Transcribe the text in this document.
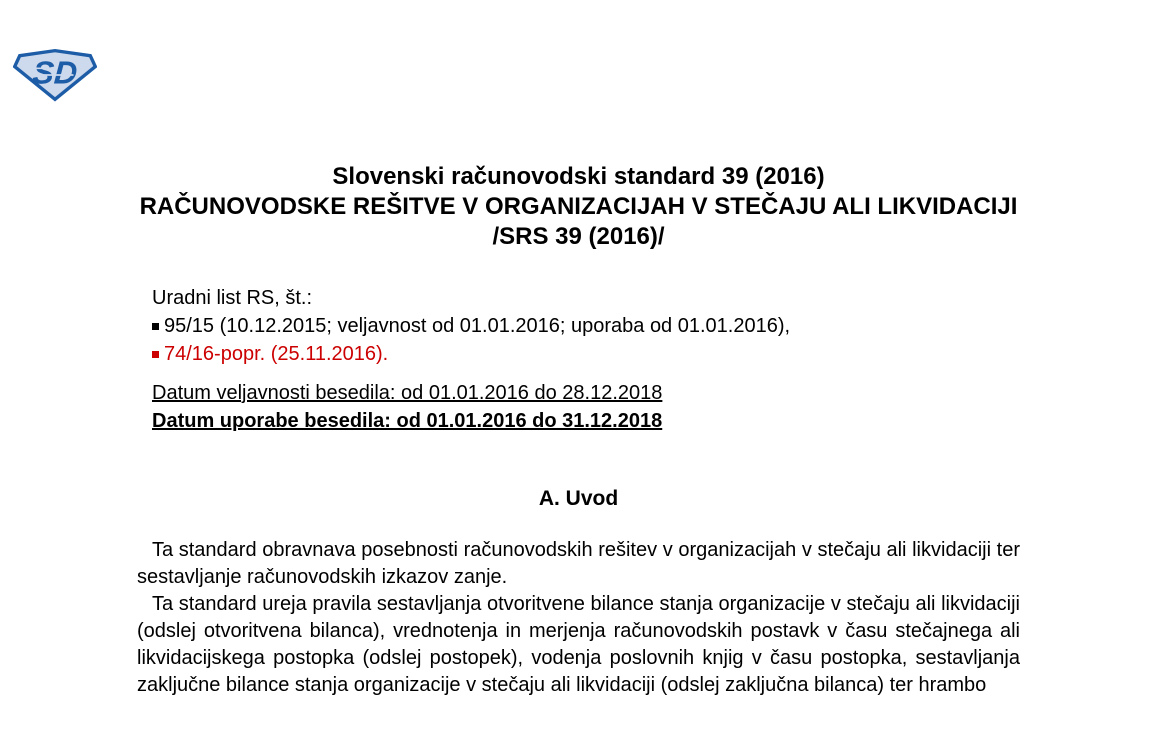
SD
Slovenski računovodski standard 39 (2016)
RAČUNOVODSKE REŠITVE V ORGANIZACIJAH V STEČAJU ALI LIKVIDACIJI
/SRS 39 (2016)/
Uradni list RS, št.:
95/15 (10.12.2015; veljavnost od 01.01.2016; uporaba od 01.01.2016),
74/16-popr. (25.11.2016).
Datum veljavnosti besedila: od 01.01.2016 do 28.12.2018
Datum uporabe besedila: od 01.01.2016 do 31.12.2018
A. Uvod

Ta standard obravnava posebnosti računovodskih rešitev v organizacijah v stečaju ali likvidaciji ter sestavljanje računovodskih izkazov zanje.

Ta standard ureja pravila sestavljanja otvoritvene bilance stanja organizacije v stečaju ali likvidaciji (odslej otvoritvena bilanca), vrednotenja in merjenja računovodskih postavk v času stečajnega ali likvidacijskega postopka (odslej postopek), vodenja poslovnih knjig v času postopka, sestavljanja zaključne bilance stanja organizacije v stečaju ali likvidaciji (odslej zaključna bilanca) ter hrambo
